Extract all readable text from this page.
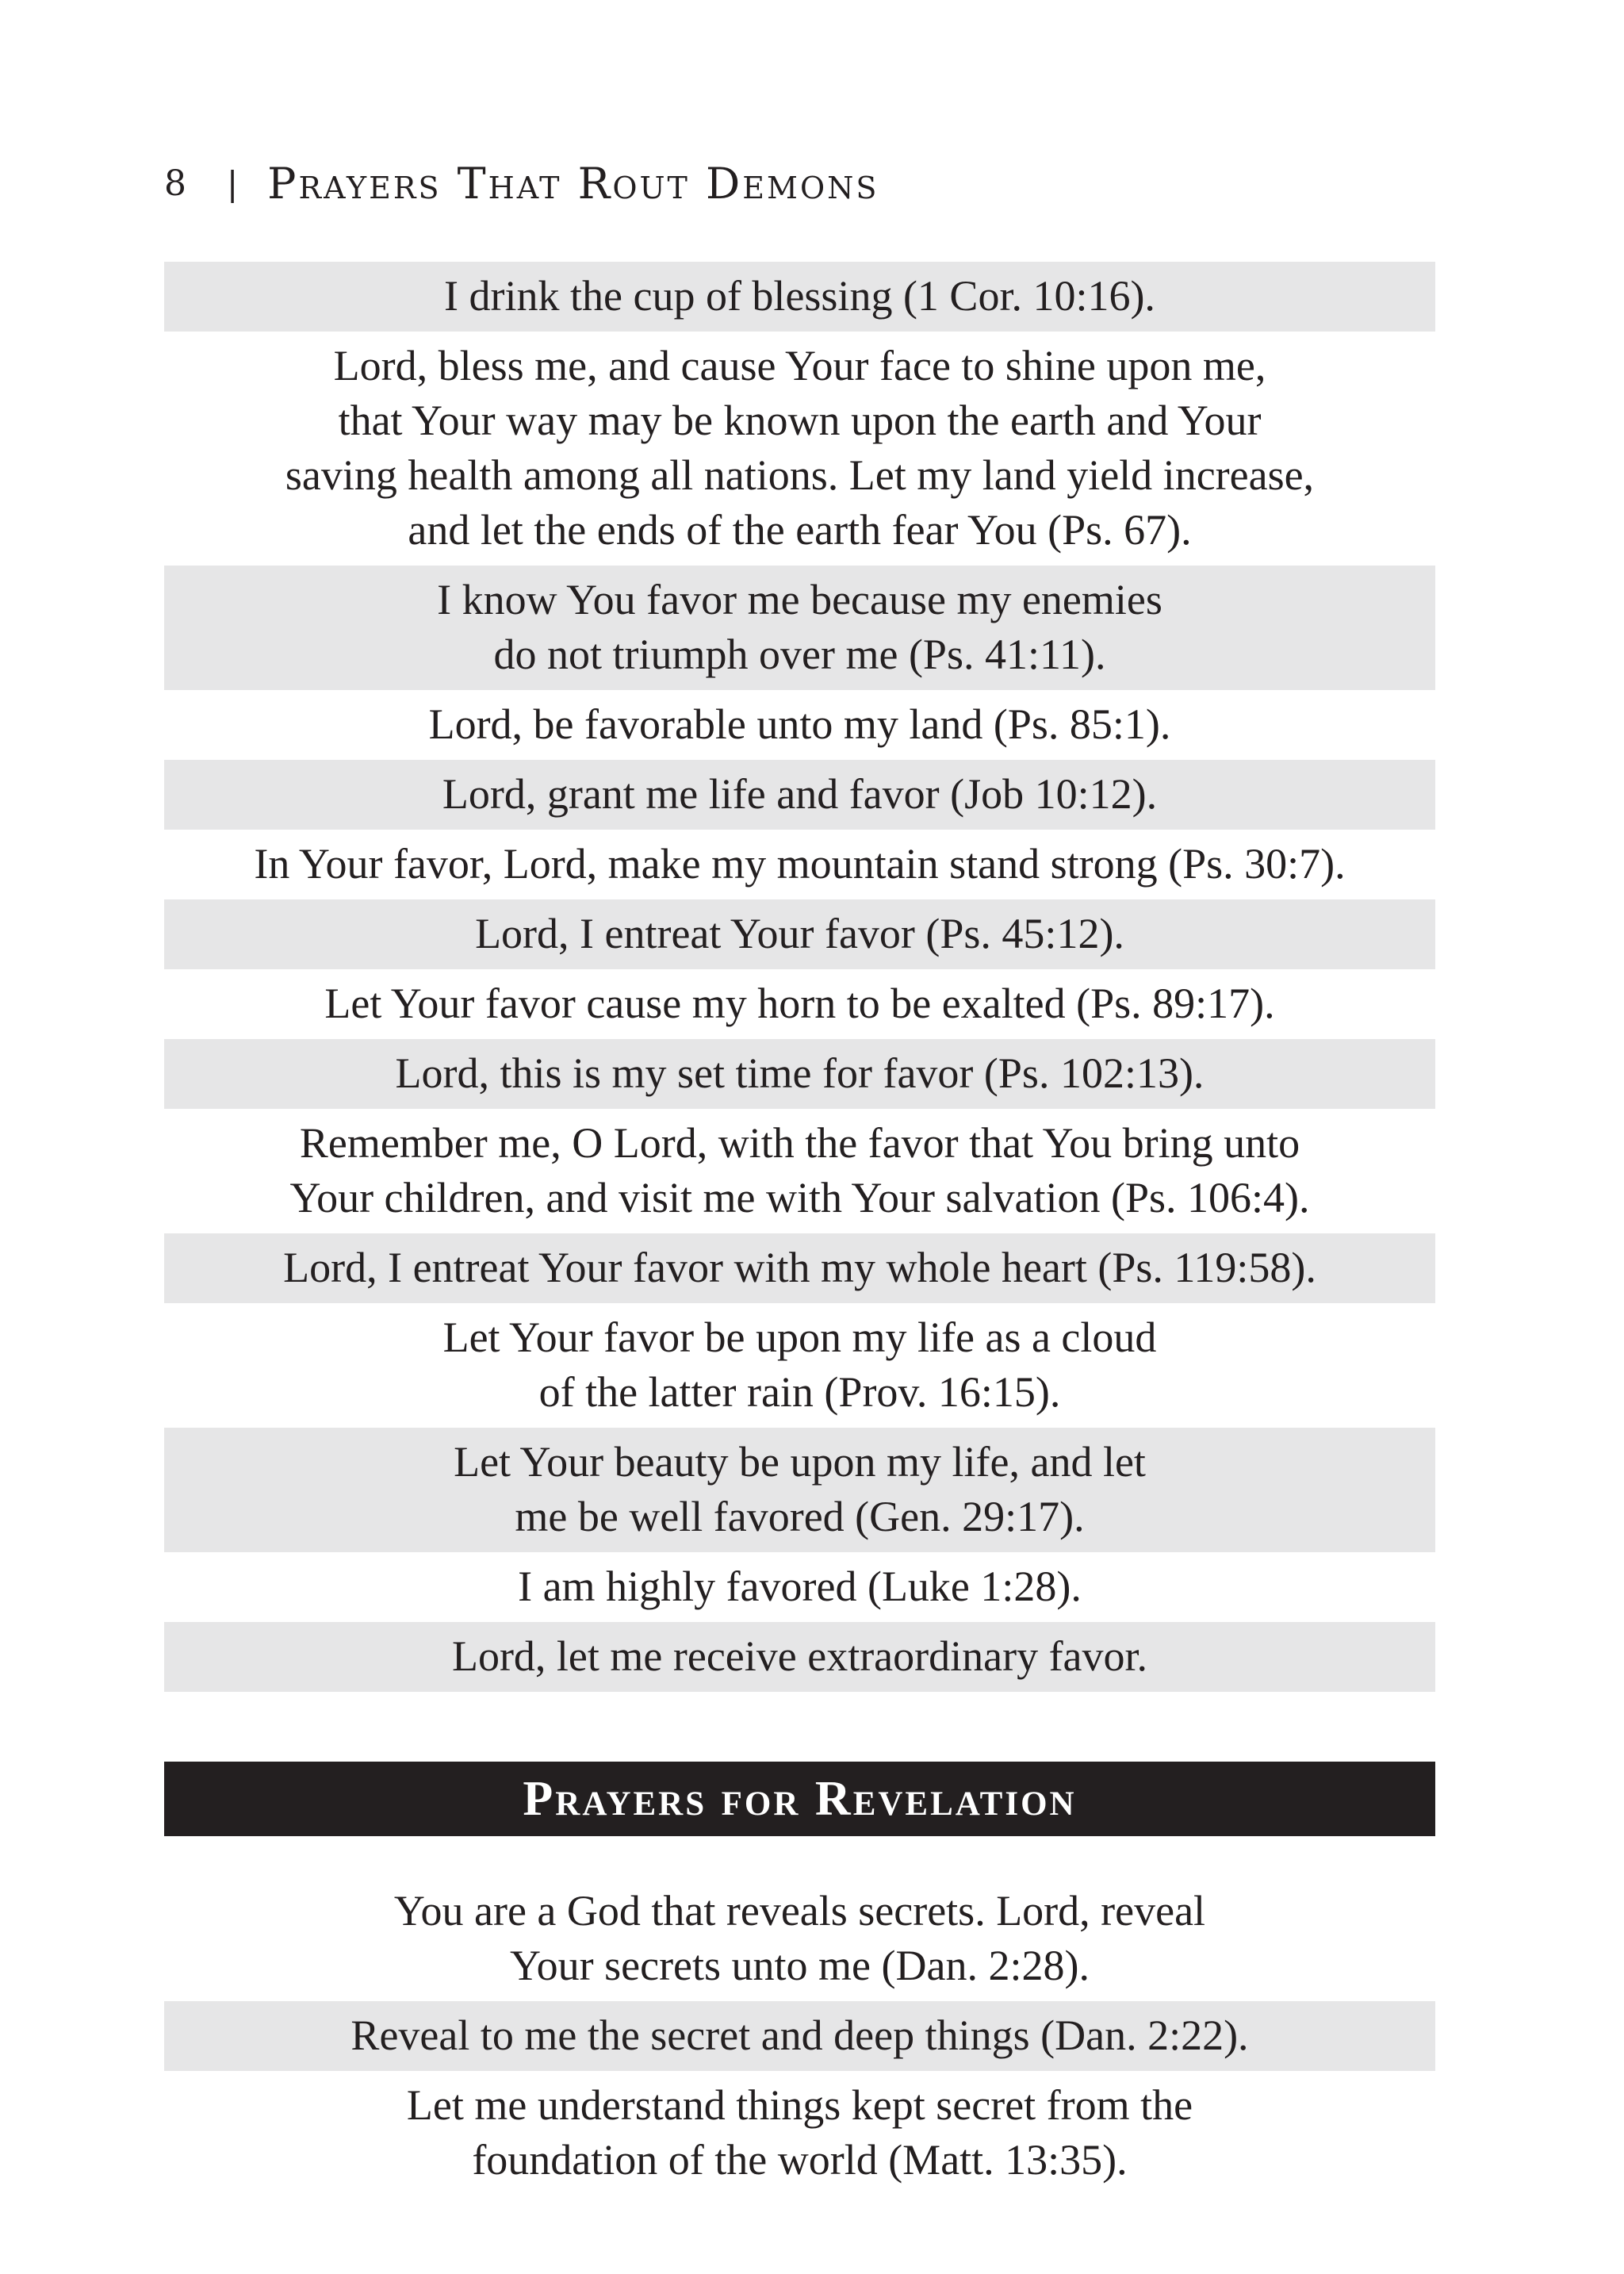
8 | Prayers That Rout Demons
I drink the cup of blessing (1 Cor. 10:16).
Lord, bless me, and cause Your face to shine upon me,
that Your way may be known upon the earth and Your
saving health among all nations. Let my land yield increase,
and let the ends of the earth fear You (Ps. 67).
I know You favor me because my enemies
do not triumph over me (Ps. 41:11).
Lord, be favorable unto my land (Ps. 85:1).
Lord, grant me life and favor (Job 10:12).
In Your favor, Lord, make my mountain stand strong (Ps. 30:7).
Lord, I entreat Your favor (Ps. 45:12).
Let Your favor cause my horn to be exalted (Ps. 89:17).
Lord, this is my set time for favor (Ps. 102:13).
Remember me, O Lord, with the favor that You bring unto
Your children, and visit me with Your salvation (Ps. 106:4).
Lord, I entreat Your favor with my whole heart (Ps. 119:58).
Let Your favor be upon my life as a cloud
of the latter rain (Prov. 16:15).
Let Your beauty be upon my life, and let
me be well favored (Gen. 29:17).
I am highly favored (Luke 1:28).
Lord, let me receive extraordinary favor.
Prayers for Revelation
You are a God that reveals secrets. Lord, reveal
Your secrets unto me (Dan. 2:28).
Reveal to me the secret and deep things (Dan. 2:22).
Let me understand things kept secret from the
foundation of the world (Matt. 13:35).
